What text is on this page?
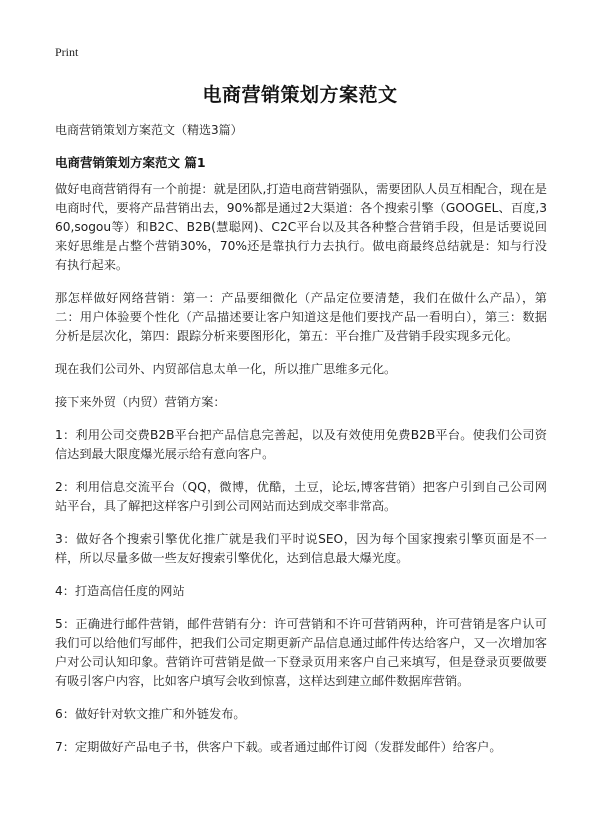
Print
电商营销策划方案范文
电商营销策划方案范文（精选3篇）
电商营销策划方案范文 篇1

做好电商营销得有一个前提：就是团队,打造电商营销强队，需要团队人员互相配合，现在是电商时代，要将产品营销出去，90%都是通过2大渠道：各个搜索引擎（GOOGEL、百度,360,sogou等）和B2C、B2B(慧聪网)、C2C平台以及其各种整合营销手段，但是话要说回来好思维是占整个营销30%，70%还是靠执行力去执行。做电商最终总结就是：知与行没有执行起来。

那怎样做好网络营销：第一：产品要细微化（产品定位要清楚，我们在做什么产品），第二：用户体验要个性化（产品描述要让客户知道这是他们要找产品一看明白），第三：数据分析是层次化，第四：跟踪分析来要图形化，第五：平台推广及营销手段实现多元化。

现在我们公司外、内贸部信息太单一化，所以推广思维多元化。

接下来外贸（内贸）营销方案：

1：利用公司交费B2B平台把产品信息完善起，以及有效使用免费B2B平台。使我们公司资信达到最大限度爆光展示给有意向客户。

2：利用信息交流平台（QQ，微博，优酷，土豆，论坛,博客营销）把客户引到自己公司网站平台，具了解把这样客户引到公司网站而达到成交率非常高。

3：做好各个搜索引擎优化推广就是我们平时说SEO，因为每个国家搜索引擎页面是不一样，所以尽量多做一些友好搜索引擎优化，达到信息最大爆光度。

4：打造高信任度的网站

5：正确进行邮件营销，邮件营销有分：许可营销和不许可营销两种，许可营销是客户认可我们可以给他们写邮件，把我们公司定期更新产品信息通过邮件传达给客户，又一次增加客户对公司认知印象。营销许可营销是做一下登录页用来客户自己来填写，但是登录页要做要有吸引客户内容，比如客户填写会收到惊喜，这样达到建立邮件数据库营销。

6：做好针对软文推广和外链发布。

7：定期做好产品电子书，供客户下载。或者通过邮件订阅（发群发邮件）给客户。
